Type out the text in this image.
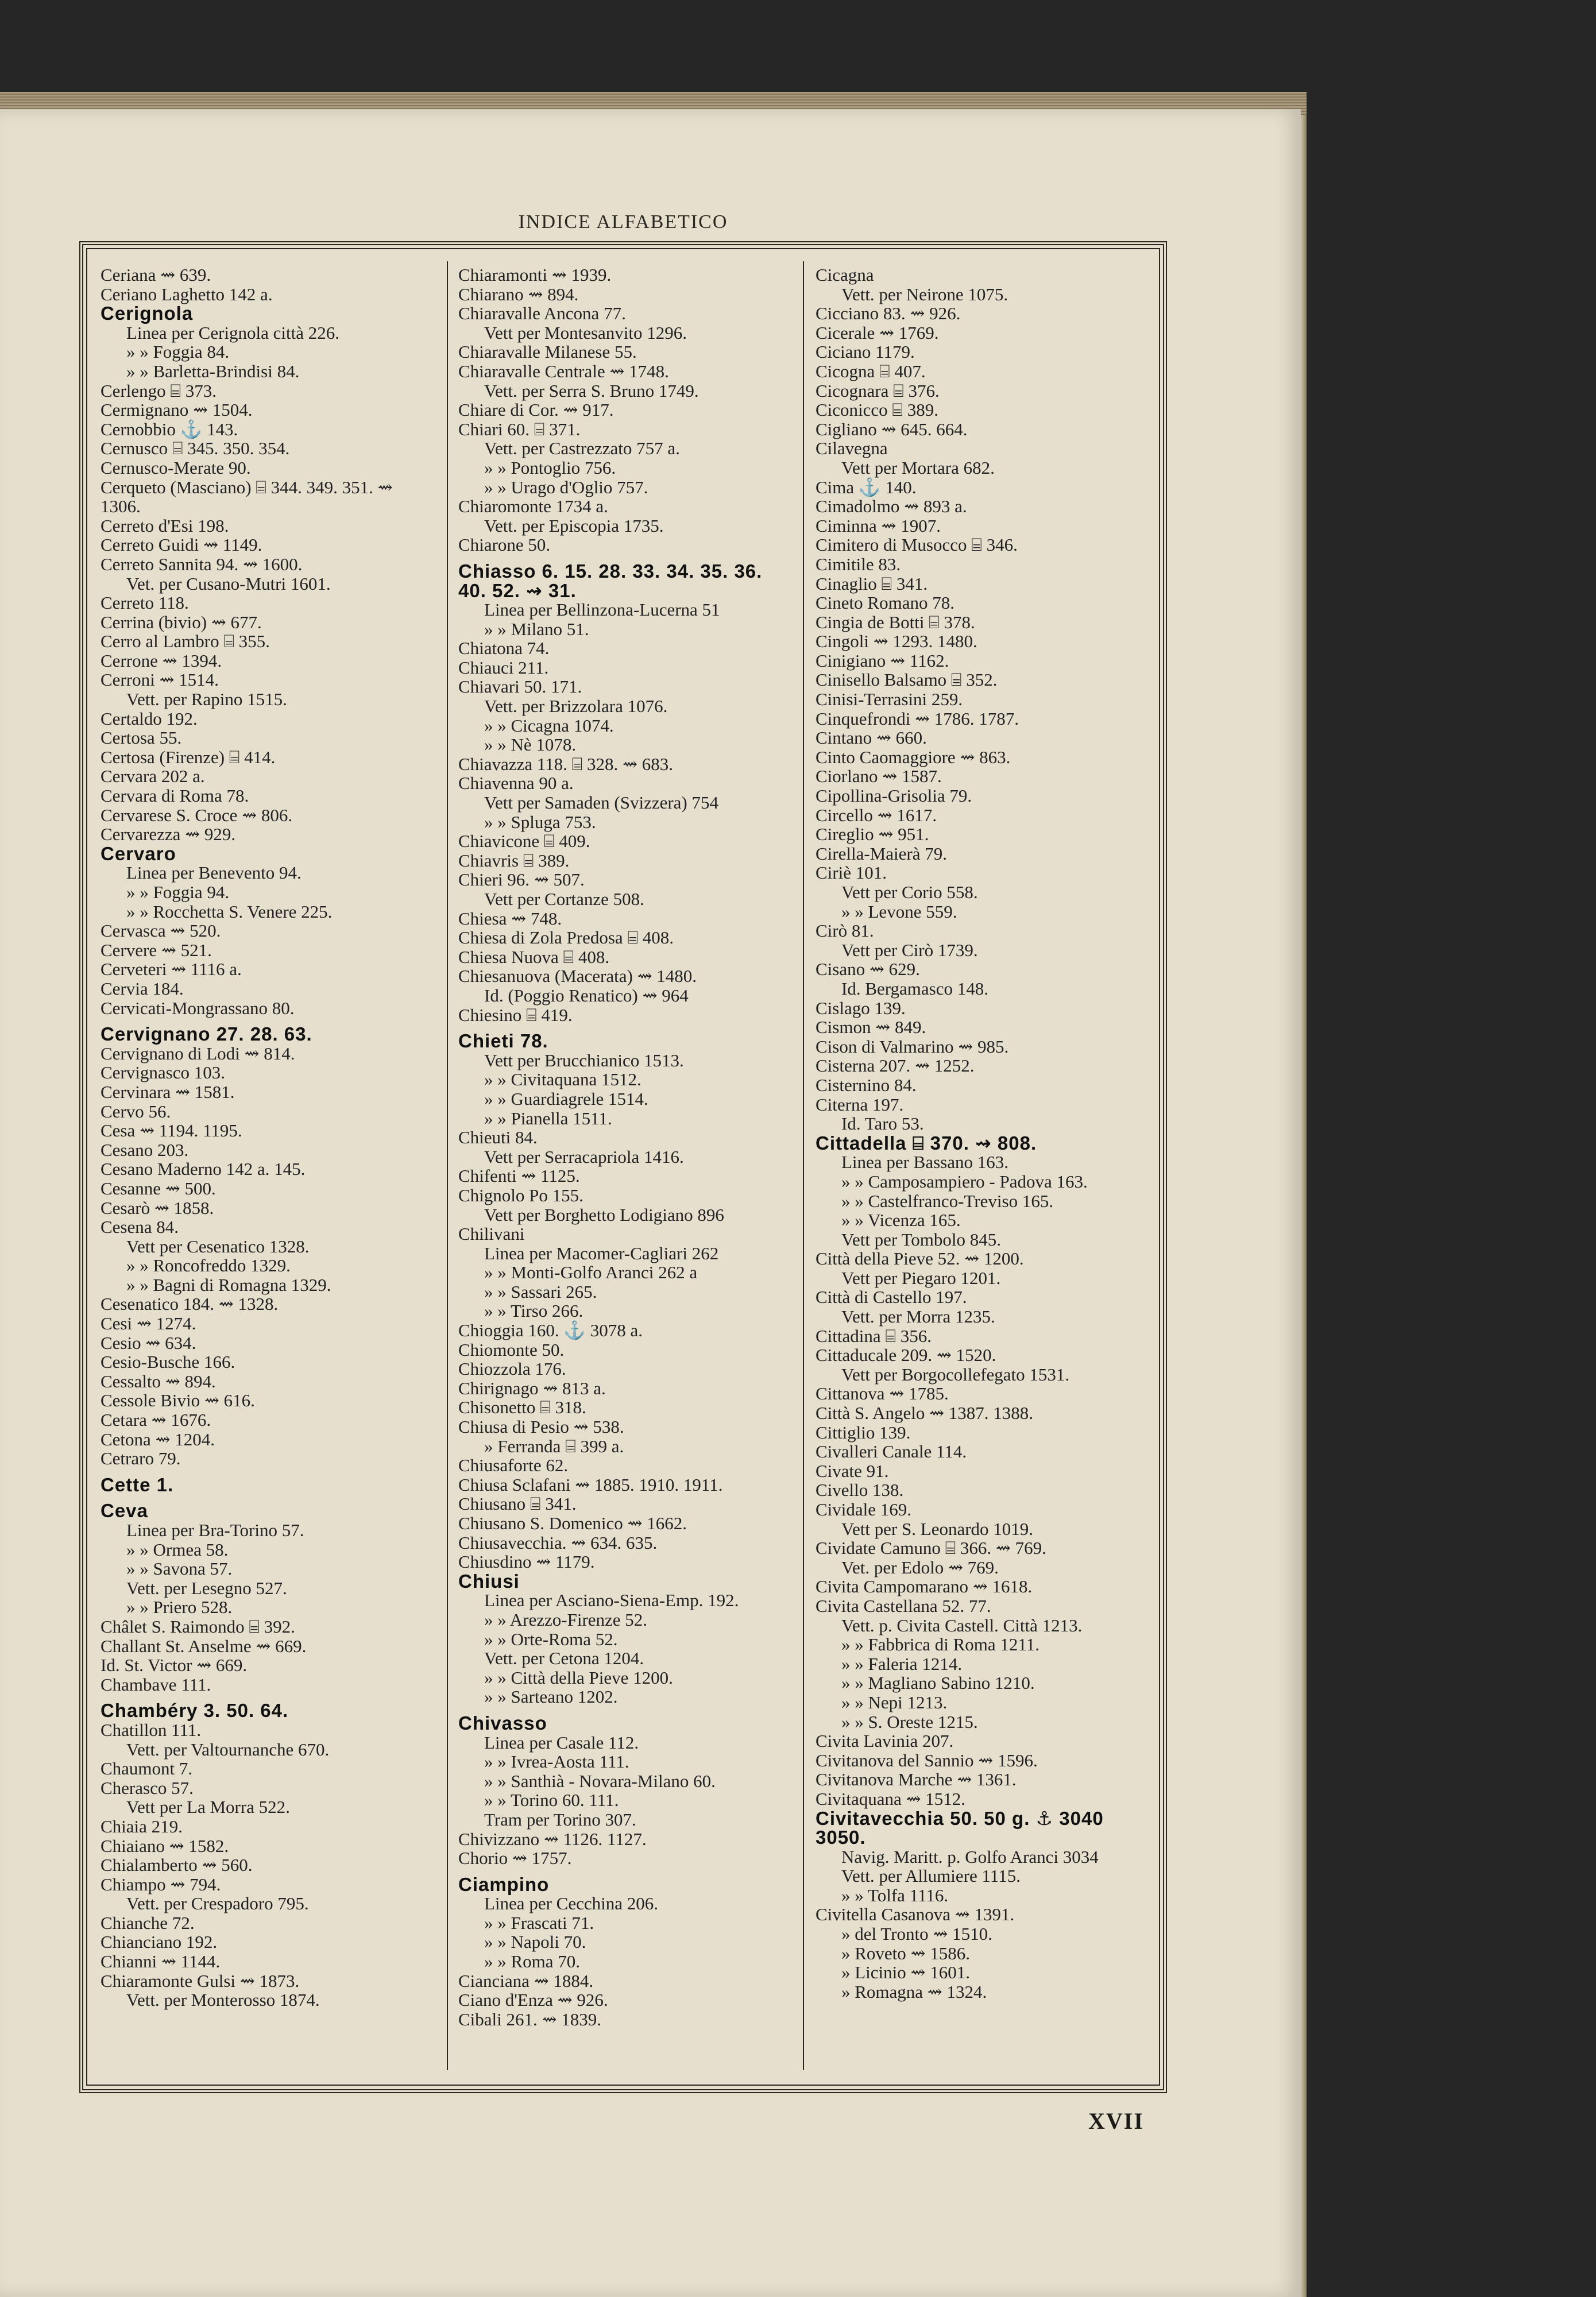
INDICE ALFABETICO
Ceriana ⇝ 639.
Ceriano Laghetto 142 a.
Cerignola
Linea per Cerignola città 226.
» » Foggia 84.
» » Barletta-Brindisi 84.
Cerlengo ⌸ 373.
Cermignano ⇝ 1504.
Cernobbio ⚓ 143.
Cernusco ⌸ 345. 350. 354.
Cernusco-Merate 90.
Cerqueto (Masciano) ⌸ 344. 349. 351. ⇝ 1306.
Cerreto d'Esi 198.
Cerreto Guidi ⇝ 1149.
Cerreto Sannita 94. ⇝ 1600.
Vet. per Cusano-Mutri 1601.
Cerreto 118.
Cerrina (bivio) ⇝ 677.
Cerro al Lambro ⌸ 355.
Cerrone ⇝ 1394.
Cerroni ⇝ 1514.
Vett. per Rapino 1515.
Certaldo 192.
Certosa 55.
Certosa (Firenze) ⌸ 414.
Cervara 202 a.
Cervara di Roma 78.
Cervarese S. Croce ⇝ 806.
Cervarezza ⇝ 929.
Cervaro
Linea per Benevento 94.
» » Foggia 94.
» » Rocchetta S. Venere 225.
Cervasca ⇝ 520.
Cervere ⇝ 521.
Cerveteri ⇝ 1116 a.
Cervia 184.
Cervicati-Mongrassano 80.
Cervignano 27. 28. 63.
Cervignano di Lodi ⇝ 814.
Cervignasco 103.
Cervinara ⇝ 1581.
Cervo 56.
Cesa ⇝ 1194. 1195.
Cesano 203.
Cesano Maderno 142 a. 145.
Cesanne ⇝ 500.
Cesarò ⇝ 1858.
Cesena 84.
Vett per Cesenatico 1328.
» » Roncofreddo 1329.
» » Bagni di Romagna 1329.
Cesenatico 184. ⇝ 1328.
Cesi ⇝ 1274.
Cesio ⇝ 634.
Cesio-Busche 166.
Cessalto ⇝ 894.
Cessole Bivio ⇝ 616.
Cetara ⇝ 1676.
Cetona ⇝ 1204.
Cetraro 79.
Cette 1.
Ceva
Linea per Bra-Torino 57.
» » Ormea 58.
» » Savona 57.
Vett. per Lesegno 527.
» » Priero 528.
Châlet S. Raimondo ⌸ 392.
Challant St. Anselme ⇝ 669.
Id. St. Victor ⇝ 669.
Chambave 111.
Chambéry 3. 50. 64.
Chatillon 111.
Vett. per Valtournanche 670.
Chaumont 7.
Cherasco 57.
Vett per La Morra 522.
Chiaia 219.
Chiaiano ⇝ 1582.
Chialamberto ⇝ 560.
Chiampo ⇝ 794.
Vett. per Crespadoro 795.
Chianche 72.
Chianciano 192.
Chianni ⇝ 1144.
Chiaramonte Gulsi ⇝ 1873.
Vett. per Monterosso 1874.
Chiaramonti ⇝ 1939.
Chiarano ⇝ 894.
Chiaravalle Ancona 77.
Vett per Montesanvito 1296.
Chiaravalle Milanese 55.
Chiaravalle Centrale ⇝ 1748.
Vett. per Serra S. Bruno 1749.
Chiare di Cor. ⇝ 917.
Chiari 60. ⌸ 371.
Vett. per Castrezzato 757 a.
» » Pontoglio 756.
» » Urago d'Oglio 757.
Chiaromonte 1734 a.
Vett. per Episcopia 1735.
Chiarone 50.
Chiasso 6. 15. 28. 33. 34. 35. 36. 40. 52. ⇝ 31.
Linea per Bellinzona-Lucerna 51
» » Milano 51.
Chiatona 74.
Chiauci 211.
Chiavari 50. 171.
Vett. per Brizzolara 1076.
» » Cicagna 1074.
» » Nè 1078.
Chiavazza 118. ⌸ 328. ⇝ 683.
Chiavenna 90 a.
Vett per Samaden (Svizzera) 754
» » Spluga 753.
Chiavicone ⌸ 409.
Chiavris ⌸ 389.
Chieri 96. ⇝ 507.
Vett per Cortanze 508.
Chiesa ⇝ 748.
Chiesa di Zola Predosa ⌸ 408.
Chiesa Nuova ⌸ 408.
Chiesanuova (Macerata) ⇝ 1480.
Id. (Poggio Renatico) ⇝ 964
Chiesino ⌸ 419.
Chieti 78.
Vett per Brucchianico 1513.
» » Civitaquana 1512.
» » Guardiagrele 1514.
» » Pianella 1511.
Chieuti 84.
Vett per Serracapriola 1416.
Chifenti ⇝ 1125.
Chignolo Po 155.
Vett per Borghetto Lodigiano 896
Chilivani
Linea per Macomer-Cagliari 262
» » Monti-Golfo Aranci 262 a
» » Sassari 265.
» » Tirso 266.
Chioggia 160. ⚓ 3078 a.
Chiomonte 50.
Chiozzola 176.
Chirignago ⇝ 813 a.
Chisonetto ⌸ 318.
Chiusa di Pesio ⇝ 538.
» Ferranda ⌸ 399 a.
Chiusaforte 62.
Chiusa Sclafani ⇝ 1885. 1910. 1911.
Chiusano ⌸ 341.
Chiusano S. Domenico ⇝ 1662.
Chiusavecchia. ⇝ 634. 635.
Chiusdino ⇝ 1179.
Chiusi
Linea per Asciano-Siena-Emp. 192.
» » Arezzo-Firenze 52.
» » Orte-Roma 52.
Vett. per Cetona 1204.
» » Città della Pieve 1200.
» » Sarteano 1202.
Chivasso
Linea per Casale 112.
» » Ivrea-Aosta 111.
» » Santhià - Novara-Milano 60.
» » Torino 60. 111.
Tram per Torino 307.
Chivizzano ⇝ 1126. 1127.
Chorio ⇝ 1757.
Ciampino
Linea per Cecchina 206.
» » Frascati 71.
» » Napoli 70.
» » Roma 70.
Cianciana ⇝ 1884.
Ciano d'Enza ⇝ 926.
Cibali 261. ⇝ 1839.
Cicagna
Vett. per Neirone 1075.
Cicciano 83. ⇝ 926.
Cicerale ⇝ 1769.
Ciciano 1179.
Cicogna ⌸ 407.
Cicognara ⌸ 376.
Ciconicco ⌸ 389.
Cigliano ⇝ 645. 664.
Cilavegna
Vett per Mortara 682.
Cima ⚓ 140.
Cimadolmo ⇝ 893 a.
Ciminna ⇝ 1907.
Cimitero di Musocco ⌸ 346.
Cimitile 83.
Cinaglio ⌸ 341.
Cineto Romano 78.
Cingia de Botti ⌸ 378.
Cingoli ⇝ 1293. 1480.
Cinigiano ⇝ 1162.
Cinisello Balsamo ⌸ 352.
Cinisi-Terrasini 259.
Cinquefrondi ⇝ 1786. 1787.
Cintano ⇝ 660.
Cinto Caomaggiore ⇝ 863.
Ciorlano ⇝ 1587.
Cipollina-Grisolia 79.
Circello ⇝ 1617.
Cireglio ⇝ 951.
Cirella-Maierà 79.
Ciriè 101.
Vett per Corio 558.
» » Levone 559.
Cirò 81.
Vett per Cirò 1739.
Cisano ⇝ 629.
Id. Bergamasco 148.
Cislago 139.
Cismon ⇝ 849.
Cison di Valmarino ⇝ 985.
Cisterna 207. ⇝ 1252.
Cisternino 84.
Citerna 197.
Id. Taro 53.
Cittadella ⌸ 370. ⇝ 808.
Linea per Bassano 163.
» » Camposampiero - Padova 163.
» » Castelfranco-Treviso 165.
» » Vicenza 165.
Vett per Tombolo 845.
Città della Pieve 52. ⇝ 1200.
Vett per Piegaro 1201.
Città di Castello 197.
Vett. per Morra 1235.
Cittadina ⌸ 356.
Cittaducale 209. ⇝ 1520.
Vett per Borgocollefegato 1531.
Cittanova ⇝ 1785.
Città S. Angelo ⇝ 1387. 1388.
Cittiglio 139.
Civalleri Canale 114.
Civate 91.
Civello 138.
Cividale 169.
Vett per S. Leonardo 1019.
Cividate Camuno ⌸ 366. ⇝ 769.
Vet. per Edolo ⇝ 769.
Civita Campomarano ⇝ 1618.
Civita Castellana 52. 77.
Vett. p. Civita Castell. Città 1213.
» » Fabbrica di Roma 1211.
» » Faleria 1214.
» » Magliano Sabino 1210.
» » Nepi 1213.
» » S. Oreste 1215.
Civita Lavinia 207.
Civitanova del Sannio ⇝ 1596.
Civitanova Marche ⇝ 1361.
Civitaquana ⇝ 1512.
Civitavecchia 50. 50 g. ⚓ 3040 3050.
Navig. Maritt. p. Golfo Aranci 3034
Vett. per Allumiere 1115.
» » Tolfa 1116.
Civitella Casanova ⇝ 1391.
» del Tronto ⇝ 1510.
» Roveto ⇝ 1586.
» Licinio ⇝ 1601.
» Romagna ⇝ 1324.
XVII
